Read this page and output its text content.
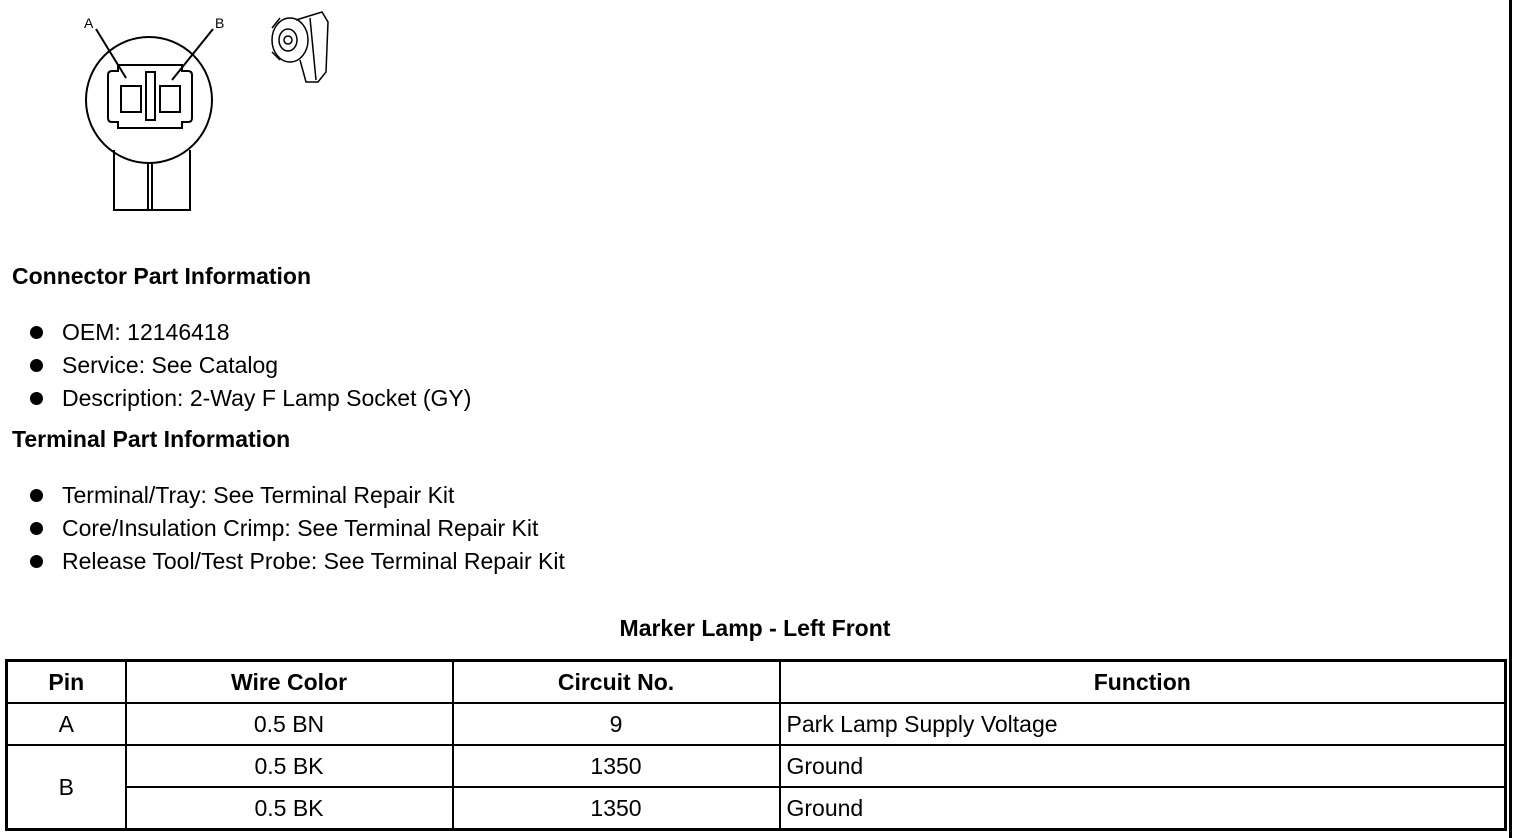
A	B
Connector Part Information
OEM: 12146418
Service: See Catalog
Description: 2-Way F Lamp Socket (GY)
Terminal Part Information
Terminal/Tray: See Terminal Repair Kit
Core/Insulation Crimp: See Terminal Repair Kit
Release Tool/Test Probe: See Terminal Repair Kit
Marker Lamp - Left Front
Pin	Wire Color	Circuit No.	Function
A	0.5 BN	9	Park Lamp Supply Voltage
B	0.5 BK	1350	Ground
	0.5 BK	1350	Ground
